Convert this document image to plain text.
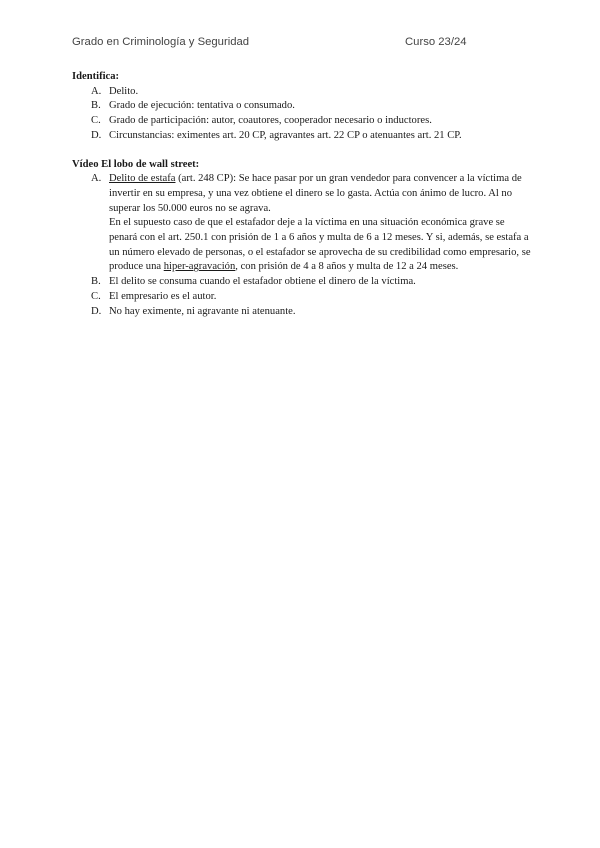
Grado en Criminología y Seguridad	Curso 23/24

Identifica:

A. Delito.
B. Grado de ejecución: tentativa o consumado.
C. Grado de participación: autor, coautores, cooperador necesario o inductores.
D. Circunstancias: eximentes art. 20 CP, agravantes art. 22 CP o atenuantes art. 21 CP.

Vídeo El lobo de wall street:

A. Delito de estafa (art. 248 CP): Se hace pasar por un gran vendedor para convencer a la víctima de invertir en su empresa, y una vez obtiene el dinero se lo gasta. Actúa con ánimo de lucro. Al no superar los 50.000 euros no se agrava.

En el supuesto caso de que el estafador deje a la víctima en una situación económica grave se penará con el art. 250.1 con prisión de 1 a 6 años y multa de 6 a 12 meses. Y si, además, se estafa a un número elevado de personas, o el estafador se aprovecha de su credibilidad como empresario, se produce una hiper-agravación, con prisión de 4 a 8 años y multa de 12 a 24 meses.

B. El delito se consuma cuando el estafador obtiene el dinero de la víctima.
C. El empresario es el autor.
D. No hay eximente, ni agravante ni atenuante.
